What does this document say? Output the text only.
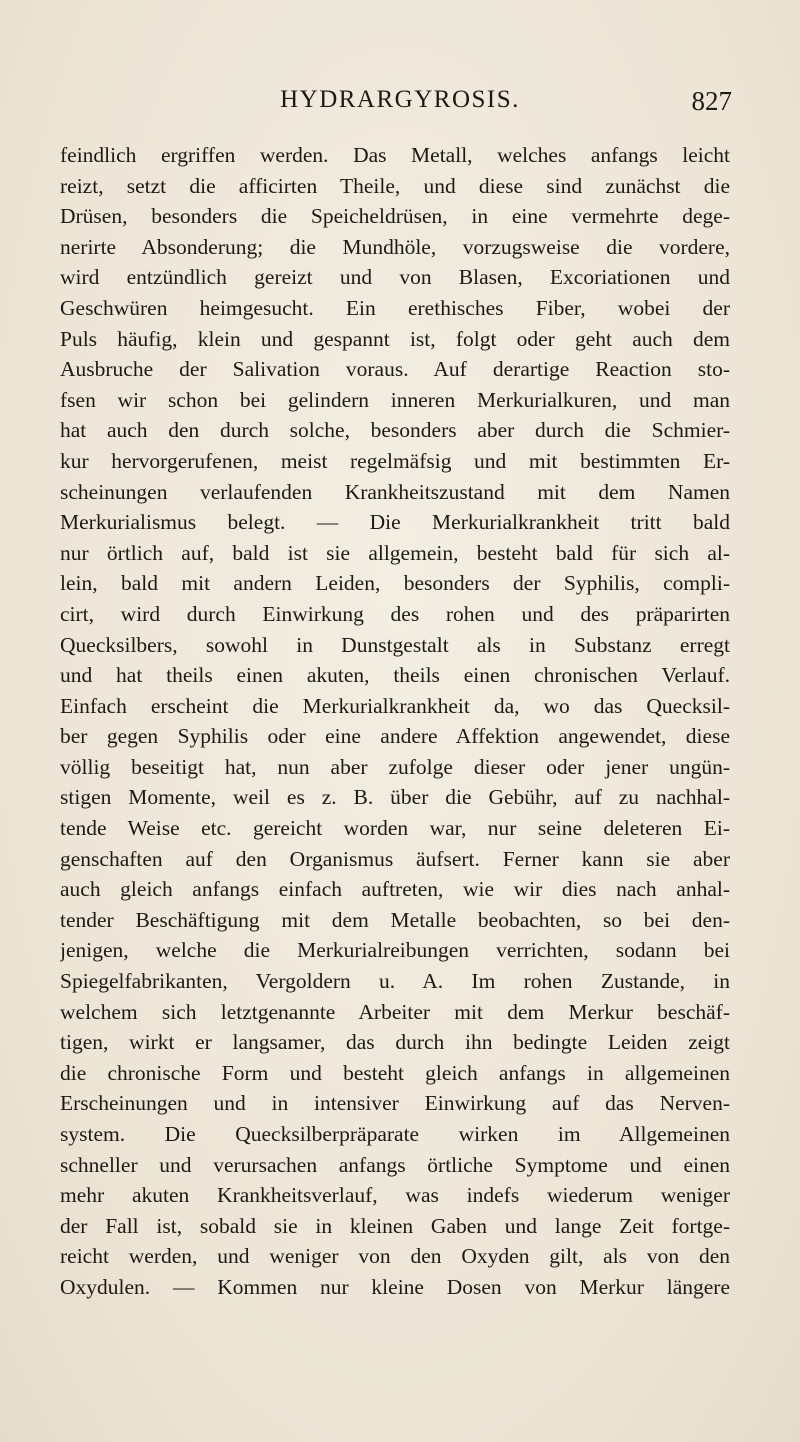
HYDRARGYROSIS.	827
feindlich ergriffen werden. Das Metall, welches anfangs leicht
reizt, setzt die afficirten Theile, und diese sind zunächst die
Drüsen, besonders die Speicheldrüsen, in eine vermehrte dege-
nerirte Absonderung; die Mundhöle, vorzugsweise die vordere,
wird entzündlich gereizt und von Blasen, Excoriationen und
Geschwüren heimgesucht. Ein erethisches Fiber, wobei der
Puls häufig, klein und gespannt ist, folgt oder geht auch dem
Ausbruche der Salivation voraus. Auf derartige Reaction sto-
fsen wir schon bei gelindern inneren Merkurialkuren, und man
hat auch den durch solche, besonders aber durch die Schmier-
kur hervorgerufenen, meist regelmäfsig und mit bestimmten Er-
scheinungen verlaufenden Krankheitszustand mit dem Namen
Merkurialismus belegt. — Die Merkurialkrankheit tritt bald
nur örtlich auf, bald ist sie allgemein, besteht bald für sich al-
lein, bald mit andern Leiden, besonders der Syphilis, compli-
cirt, wird durch Einwirkung des rohen und des präparirten
Quecksilbers, sowohl in Dunstgestalt als in Substanz erregt
und hat theils einen akuten, theils einen chronischen Verlauf.
Einfach erscheint die Merkurialkrankheit da, wo das Quecksil-
ber gegen Syphilis oder eine andere Affektion angewendet, diese
völlig beseitigt hat, nun aber zufolge dieser oder jener ungün-
stigen Momente, weil es z. B. über die Gebühr, auf zu nachhal-
tende Weise etc. gereicht worden war, nur seine deleteren Ei-
genschaften auf den Organismus äufsert. Ferner kann sie aber
auch gleich anfangs einfach auftreten, wie wir dies nach anhal-
tender Beschäftigung mit dem Metalle beobachten, so bei den-
jenigen, welche die Merkurialreibungen verrichten, sodann bei
Spiegelfabrikanten, Vergoldern u. A. Im rohen Zustande, in
welchem sich letztgenannte Arbeiter mit dem Merkur beschäf-
tigen, wirkt er langsamer, das durch ihn bedingte Leiden zeigt
die chronische Form und besteht gleich anfangs in allgemeinen
Erscheinungen und in intensiver Einwirkung auf das Nerven-
system. Die Quecksilberpräparate wirken im Allgemeinen
schneller und verursachen anfangs örtliche Symptome und einen
mehr akuten Krankheitsverlauf, was indefs wiederum weniger
der Fall ist, sobald sie in kleinen Gaben und lange Zeit fortge-
reicht werden, und weniger von den Oxyden gilt, als von den
Oxydulen. — Kommen nur kleine Dosen von Merkur längere
